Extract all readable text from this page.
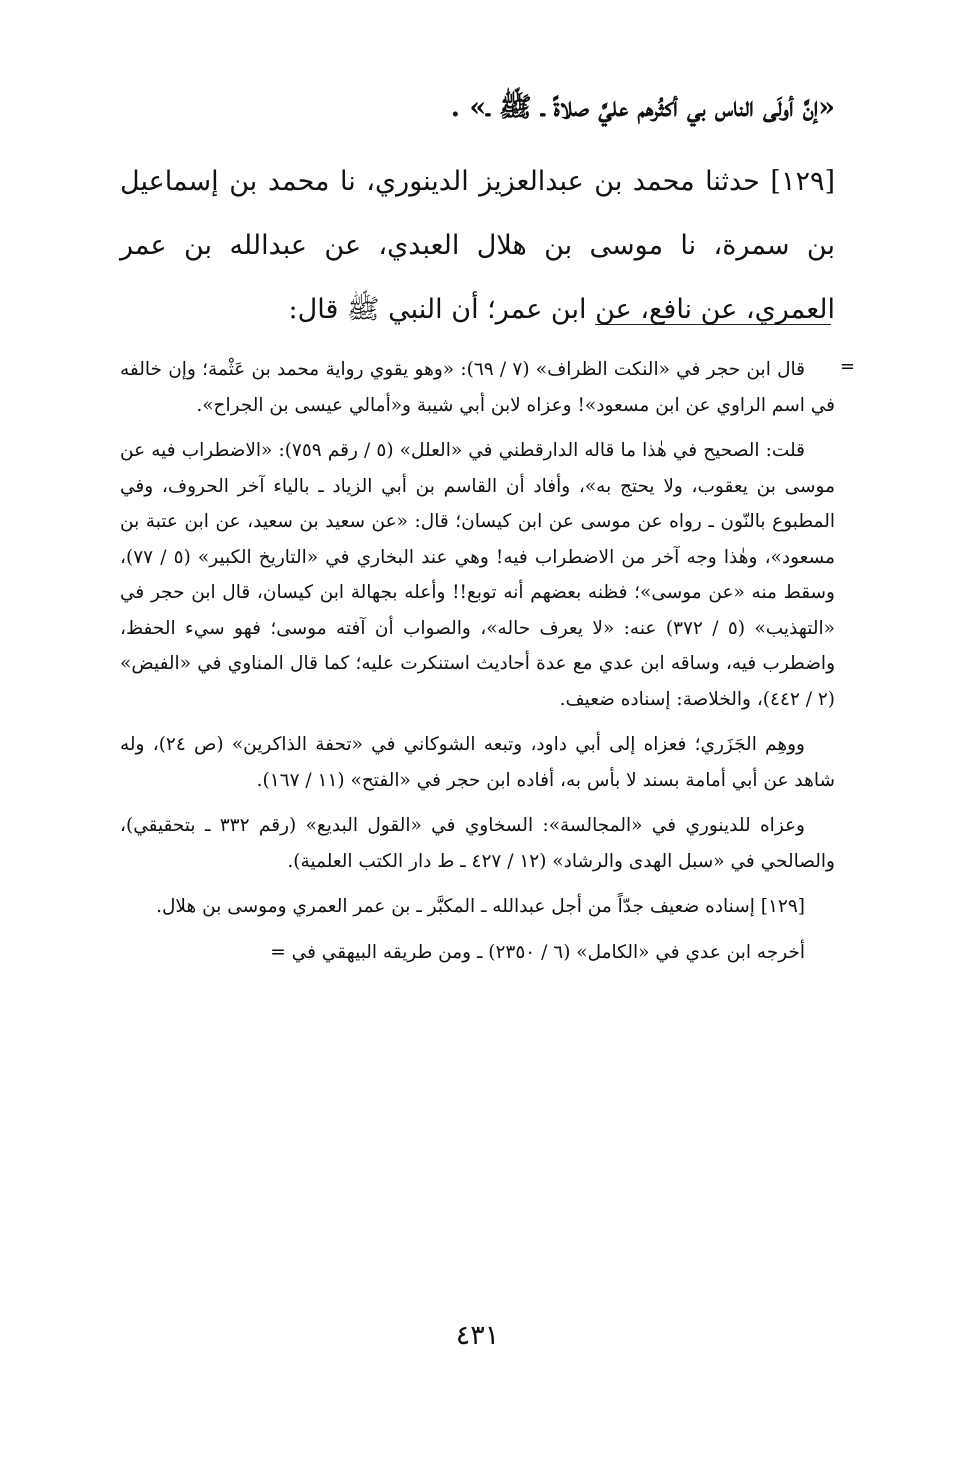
«إنَّ أولَى الناس بي أكثُرهم عليَّ صلاةً ـ ﷺ ـ» .

[١٢٩] حدثنا محمد بن عبدالعزيز الدينوري، نا محمد بن إسماعيل بن سمرة، نا موسى بن هلال العبدي، عن عبدالله بن عمر العمري، عن نافع، عن ابن عمر؛ أن النبي ﷺ قال:

=

قال ابن حجر في «النكت الظراف» (٧ / ٦٩): «وهو يقوي رواية محمد بن عَثْمة؛ وإن خالفه في اسم الراوي عن ابن مسعود»! وعزاه لابن أبي شيبة و«أمالي عيسى بن الجراح».

قلت: الصحيح في هٰذا ما قاله الدارقطني في «العلل» (٥ / رقم ٧٥٩): «الاضطراب فيه عن موسى بن يعقوب، ولا يحتج به»، وأفاد أن القاسم بن أبي الزياد ـ بالياء آخر الحروف، وفي المطبوع بالنّون ـ رواه عن موسى عن ابن كيسان؛ قال: «عن سعيد بن سعيد، عن ابن عتبة بن مسعود»، وهٰذا وجه آخر من الاضطراب فيه! وهي عند البخاري في «التاريخ الكبير» (٥ / ٧٧)، وسقط منه «عن موسى»؛ فظنه بعضهم أنه توبع!! وأعله بجهالة ابن كيسان، قال ابن حجر في «التهذيب» (٥ / ٣٧٢) عنه: «لا يعرف حاله»، والصواب أن آفته موسى؛ فهو سيء الحفظ، واضطرب فيه، وساقه ابن عدي مع عدة أحاديث استنكرت عليه؛ كما قال المناوي في «الفيض» (٢ / ٤٤٢)، والخلاصة: إسناده ضعيف.

ووهِم الجَزَري؛ فعزاه إلى أبي داود، وتبعه الشوكاني في «تحفة الذاكرين» (ص ٢٤)، وله شاهد عن أبي أمامة بسند لا بأس به، أفاده ابن حجر في «الفتح» (١١ / ١٦٧).

وعزاه للدينوري في «المجالسة»: السخاوي في «القول البديع» (رقم ٣٣٢ ـ بتحقيقي)، والصالحي في «سبل الهدى والرشاد» (١٢ / ٤٢٧ ـ ط دار الكتب العلمية).

[١٢٩] إسناده ضعيف جدّاً من أجل عبدالله ـ المكبَّر ـ بن عمر العمري وموسى بن هلال.

أخرجه ابن عدي في «الكامل» (٦ / ٢٣٥٠) ـ ومن طريقه البيهقي في =

٤٣١
